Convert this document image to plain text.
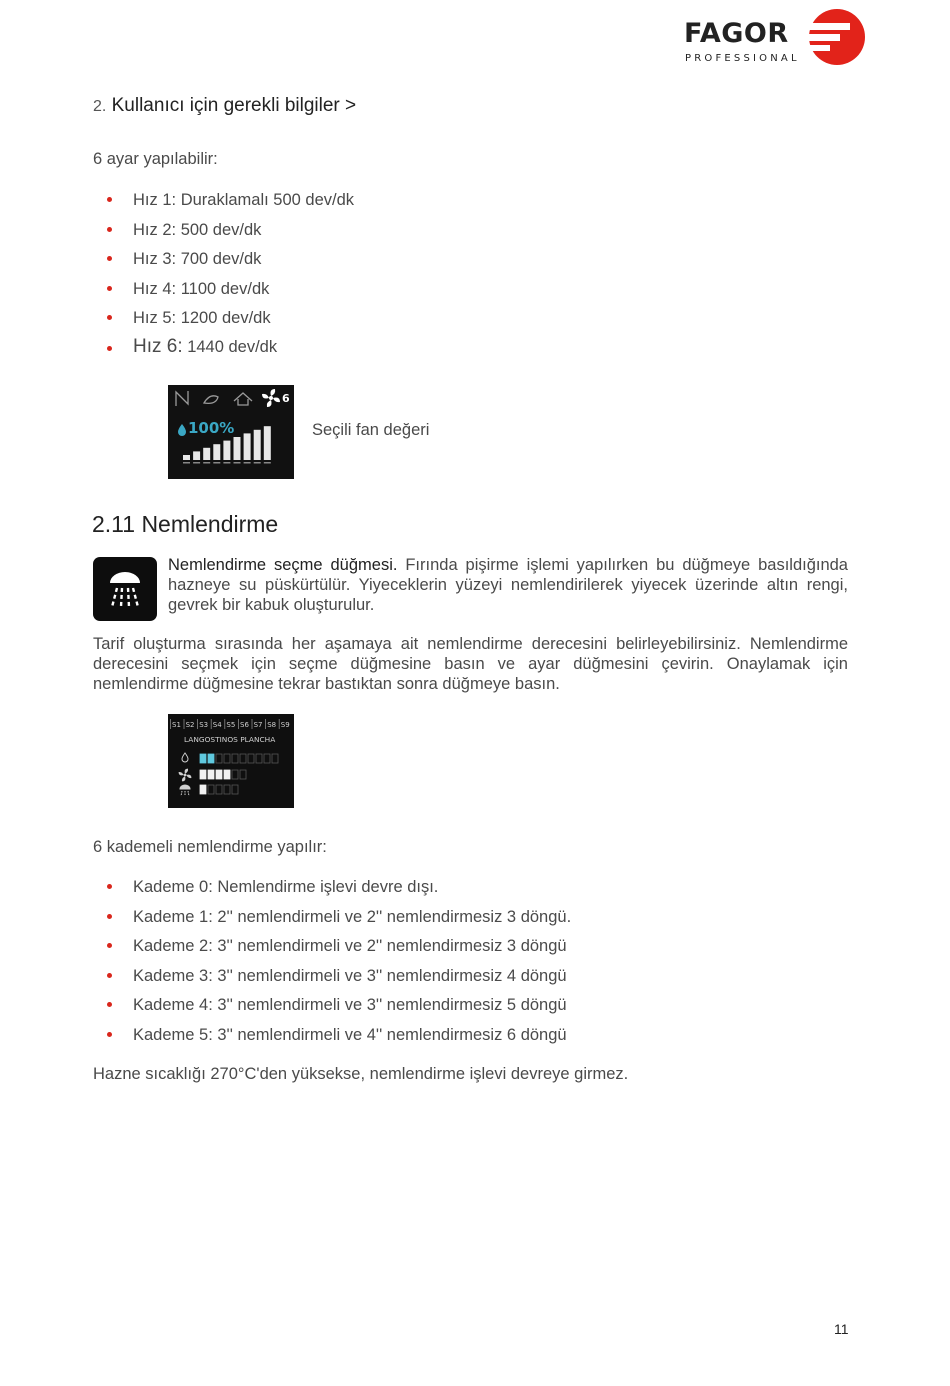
FAGOR
PROFESSIONAL
2. Kullanıcı için gerekli bilgiler >
6 ayar yapılabilir:
Hız 1: Duraklamalı 500 dev/dk
Hız 2: 500 dev/dk
Hız 3: 700 dev/dk
Hız 4: 1100 dev/dk
Hız 5: 1200 dev/dk
Hız 6: 1440 dev/dk
6
100%	Seçili fan değeri
2.11 Nemlendirme
Nemlendirme seçme düğmesi. Fırında pişirme işlemi yapılırken bu düğmeye basıldığında hazneye su püskürtülür. Yiyeceklerin yüzeyi nemlendirilerek yiyecek üzerinde altın rengi, gevrek bir kabuk oluşturulur.
Tarif oluşturma sırasında her aşamaya ait nemlendirme derecesini belirleyebilirsiniz. Nemlendirme derecesini seçmek için seçme düğmesine basın ve ayar düğmesini çevirin. Onaylamak için nemlendirme düğmesine tekrar bastıktan sonra düğmeye basın.
S1 S2 S3 S4 S5 S6 S7 S8 S9
LANGOSTINOS PLANCHA
6 kademeli nemlendirme yapılır:
Kademe 0: Nemlendirme işlevi devre dışı.
Kademe 1: 2'' nemlendirmeli ve 2'' nemlendirmesiz 3 döngü.
Kademe 2: 3'' nemlendirmeli ve 2'' nemlendirmesiz 3 döngü
Kademe 3: 3'' nemlendirmeli ve 3'' nemlendirmesiz 4 döngü
Kademe 4: 3'' nemlendirmeli ve 3'' nemlendirmesiz 5 döngü
Kademe 5: 3'' nemlendirmeli ve 4'' nemlendirmesiz 6 döngü
Hazne sıcaklığı 270°C'den yüksekse, nemlendirme işlevi devreye girmez.
11
